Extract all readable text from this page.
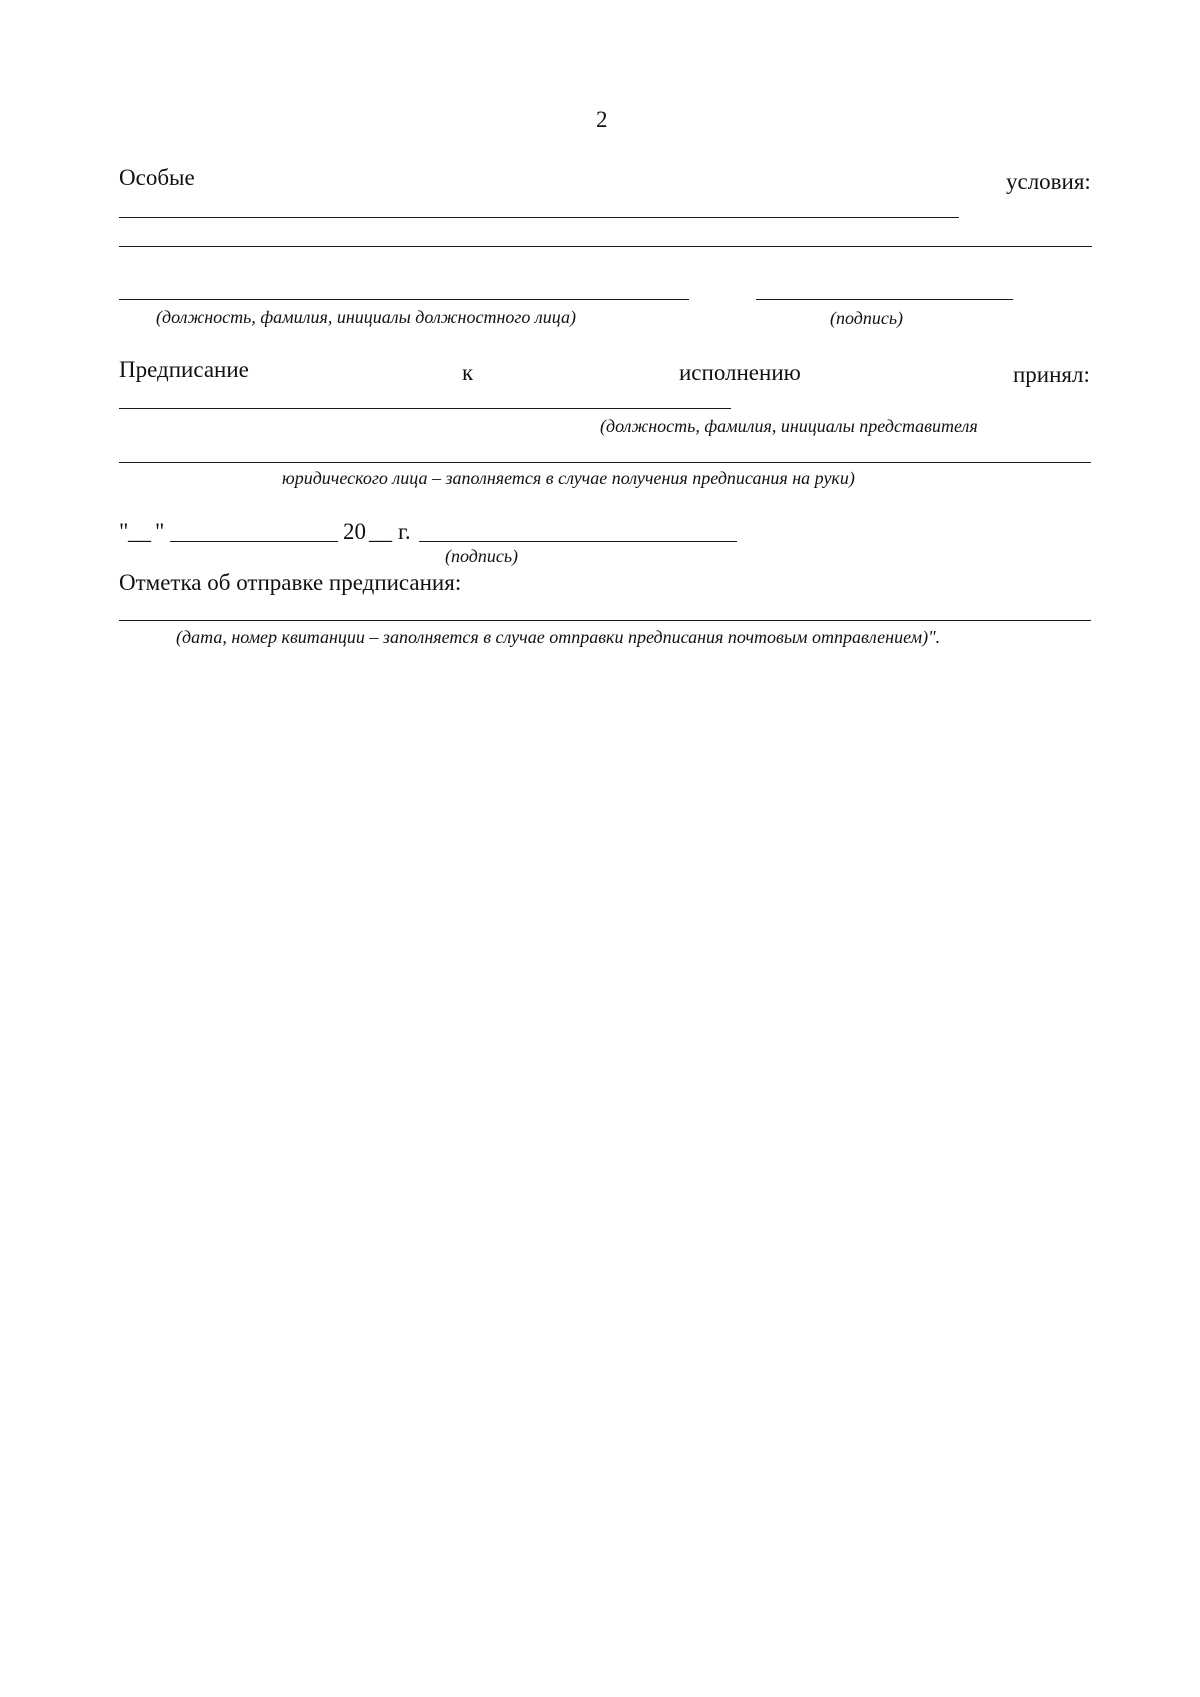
2
Особые	условия:
(должность, фамилия, инициалы должностного лица)	(подпись)
Предписание	к	исполнению	принял:
(должность, фамилия, инициалы представителя
юридического лица – заполняется в случае получения предписания на руки)
" __ "	20 __ г.
(подпись)
Отметка об отправке предписания:
(дата, номер квитанции – заполняется в случае отправки предписания почтовым отправлением)".
